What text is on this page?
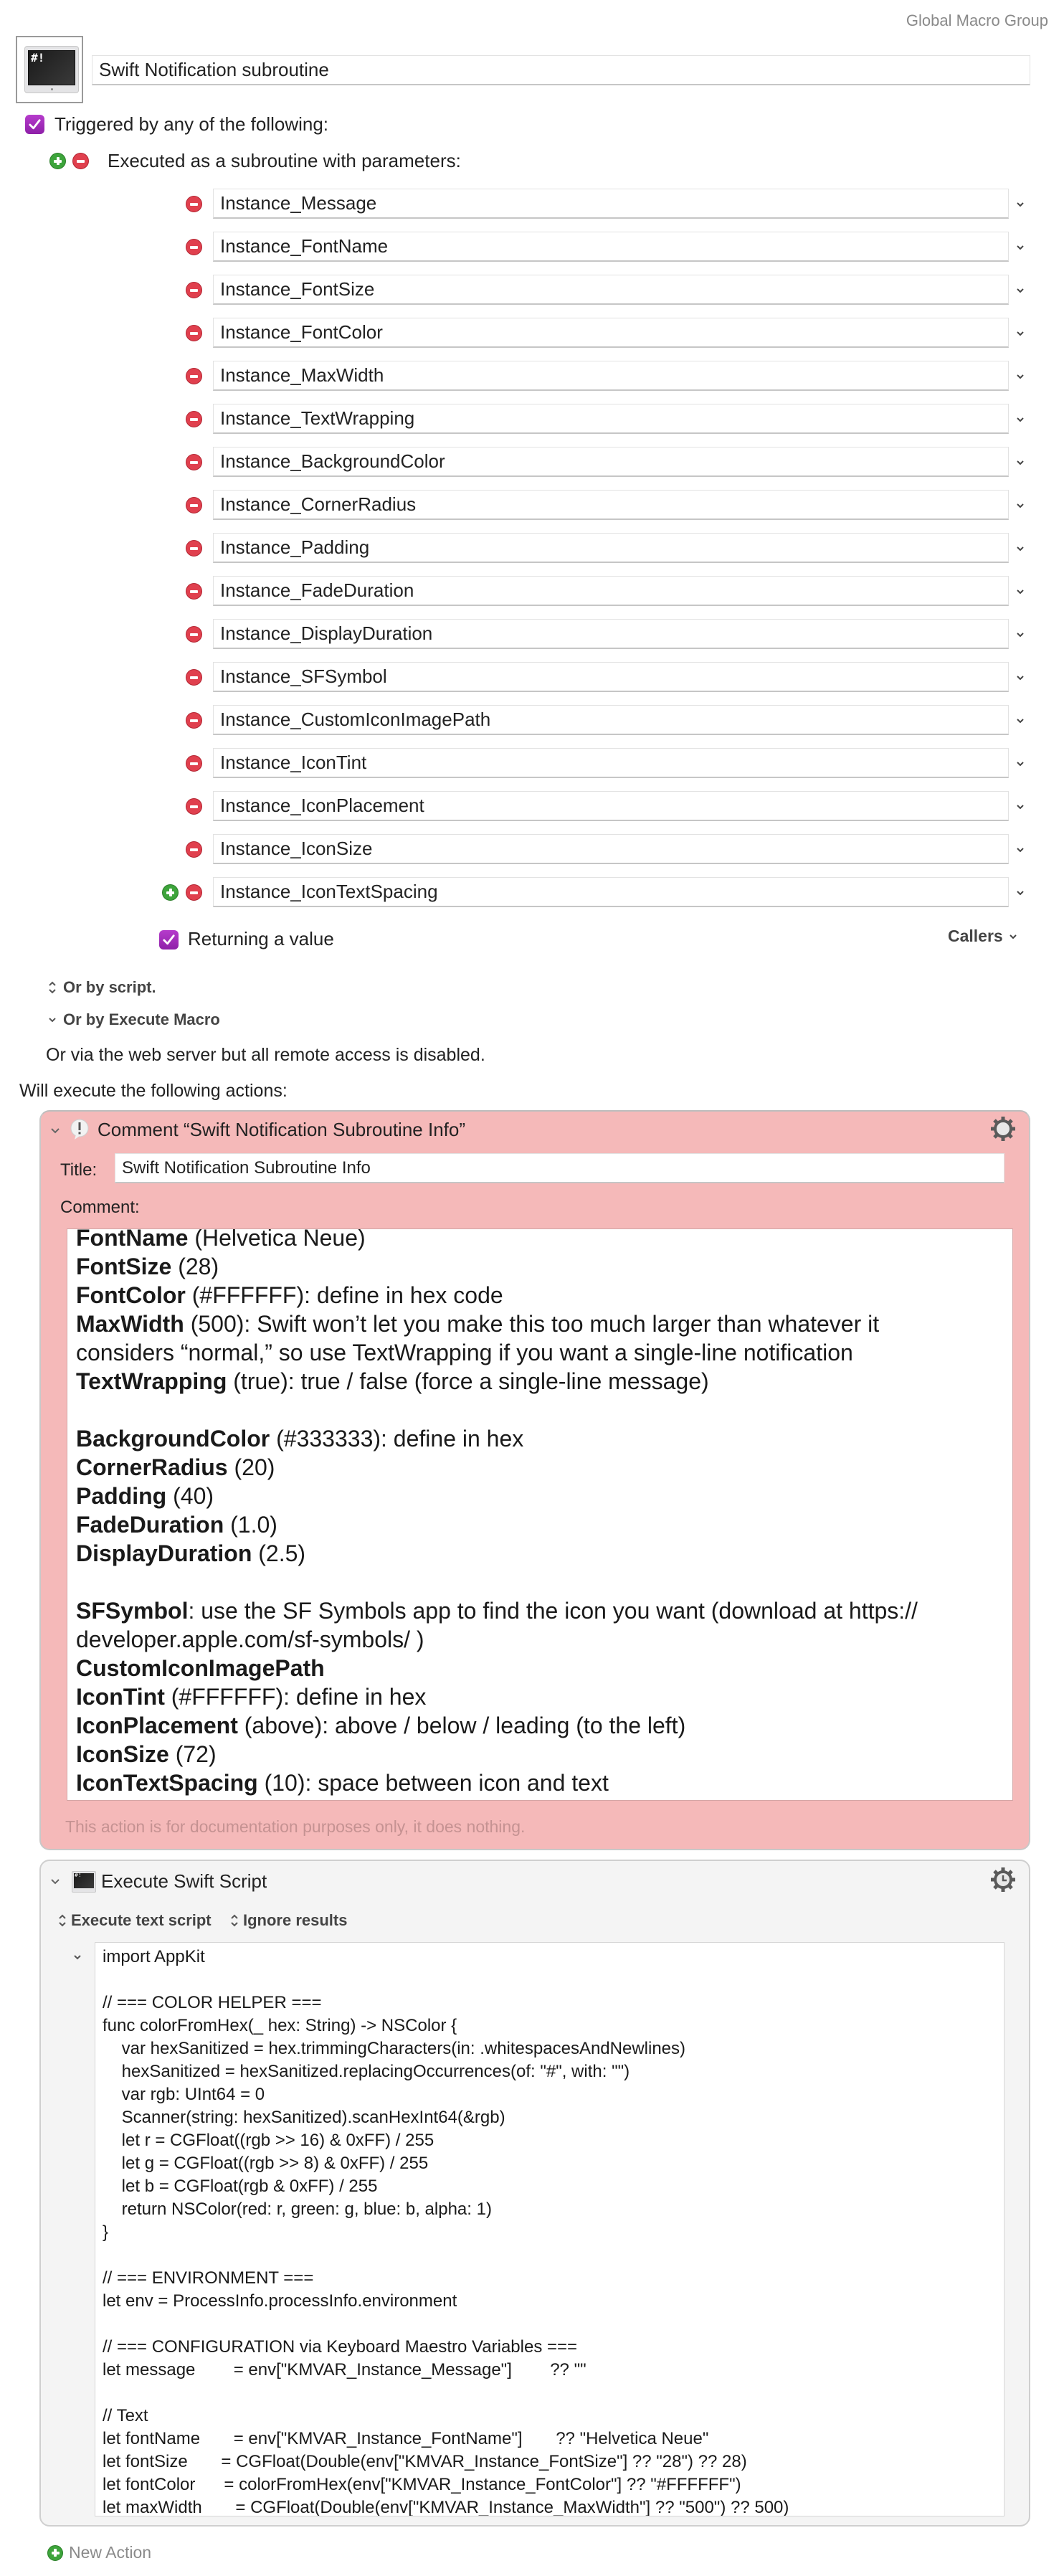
Global Macro Group
#!
Swift Notification subroutine
Triggered by any of the following:
Executed as a subroutine with parameters:
Instance_Message
Instance_FontName
Instance_FontSize
Instance_FontColor
Instance_MaxWidth
Instance_TextWrapping
Instance_BackgroundColor
Instance_CornerRadius
Instance_Padding
Instance_FadeDuration
Instance_DisplayDuration
Instance_SFSymbol
Instance_CustomIconImagePath
Instance_IconTint
Instance_IconPlacement
Instance_IconSize
Instance_IconTextSpacing
Returning a value	Callers
Or by script.
Or by Execute Macro
Or via the web server but all remote access is disabled.
Will execute the following actions:
Comment “Swift Notification Subroutine Info”
Title: Swift Notification Subroutine Info
Comment:
FontName (Helvetica Neue)
FontSize (28)
FontColor (#FFFFFF): define in hex code
MaxWidth (500): Swift won’t let you make this too much larger than whatever it
considers “normal,” so use TextWrapping if you want a single-line notification
TextWrapping (true): true / false (force a single-line message)
BackgroundColor (#333333): define in hex
CornerRadius (20)
Padding (40)
FadeDuration (1.0)
DisplayDuration (2.5)
SFSymbol: use the SF Symbols app to find the icon you want (download at https://
developer.apple.com/sf-symbols/ )
CustomIconImagePath
IconTint (#FFFFFF): define in hex
IconPlacement (above): above / below / leading (to the left)
IconSize (72)
IconTextSpacing (10): space between icon and text
This action is for documentation purposes only, it does nothing.
#! Execute Swift Script
Execute text script Ignore results
import AppKit
// === COLOR HELPER ===
func colorFromHex(_ hex: String) -> NSColor {
var hexSanitized = hex.trimmingCharacters(in: .whitespacesAndNewlines)
hexSanitized = hexSanitized.replacingOccurrences(of: "#", with: "")
var rgb: UInt64 = 0
Scanner(string: hexSanitized).scanHexInt64(&rgb)
let r = CGFloat((rgb >> 16) & 0xFF) / 255
let g = CGFloat((rgb >> 8) & 0xFF) / 255
let b = CGFloat(rgb & 0xFF) / 255
return NSColor(red: r, green: g, blue: b, alpha: 1)
}
// === ENVIRONMENT ===
let env = ProcessInfo.processInfo.environment
// === CONFIGURATION via Keyboard Maestro Variables ===
let message        = env["KMVAR_Instance_Message"]        ?? ""
// Text
let fontName       = env["KMVAR_Instance_FontName"]       ?? "Helvetica Neue"
let fontSize       = CGFloat(Double(env["KMVAR_Instance_FontSize"] ?? "28") ?? 28)
let fontColor      = colorFromHex(env["KMVAR_Instance_FontColor"] ?? "#FFFFFF")
let maxWidth       = CGFloat(Double(env["KMVAR_Instance_MaxWidth"] ?? "500") ?? 500)
New Action
